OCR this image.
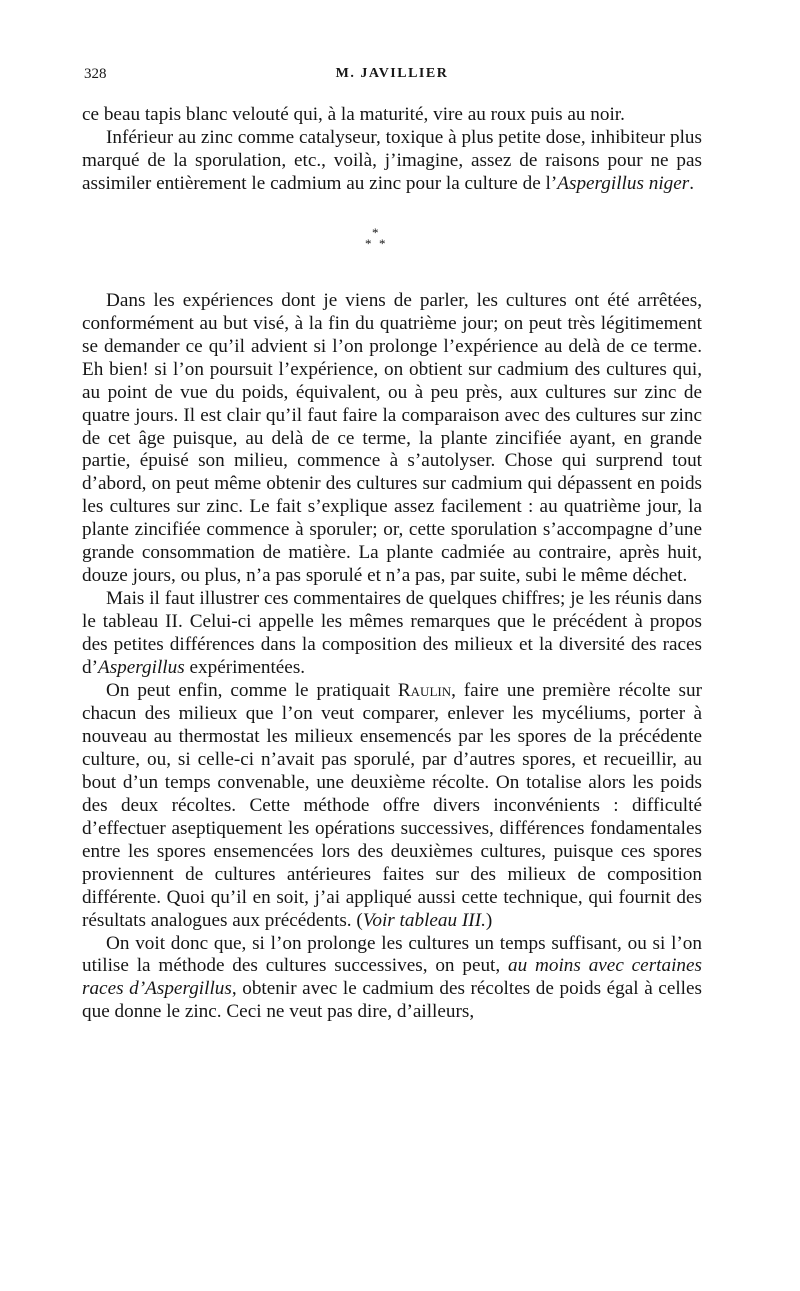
328	M. JAVILLIER

ce beau tapis blanc velouté qui, à la maturité, vire au roux puis au noir.

Inférieur au zinc comme catalyseur, toxique à plus petite dose, inhibiteur plus marqué de la sporulation, etc., voilà, j’imagine, assez de raisons pour ne pas assimiler entièrement le cadmium au zinc pour la culture de l’Aspergillus niger.

*
* *

Dans les expériences dont je viens de parler, les cultures ont été arrêtées, conformément au but visé, à la fin du quatrième jour; on peut très légitimement se demander ce qu’il advient si l’on prolonge l’expérience au delà de ce terme. Eh bien! si l’on poursuit l’expérience, on obtient sur cadmium des cultures qui, au point de vue du poids, équivalent, ou à peu près, aux cultures sur zinc de quatre jours. Il est clair qu’il faut faire la comparaison avec des cultures sur zinc de cet âge puisque, au delà de ce terme, la plante zincifiée ayant, en grande partie, épuisé son milieu, commence à s’autolyser. Chose qui surprend tout d’abord, on peut même obtenir des cultures sur cadmium qui dépassent en poids les cultures sur zinc. Le fait s’explique assez facilement : au quatrième jour, la plante zincifiée commence à sporuler; or, cette sporulation s’accompagne d’une grande consommation de matière. La plante cadmiée au contraire, après huit, douze jours, ou plus, n’a pas sporulé et n’a pas, par suite, subi le même déchet.

Mais il faut illustrer ces commentaires de quelques chiffres; je les réunis dans le tableau II. Celui-ci appelle les mêmes remarques que le précédent à propos des petites différences dans la composition des milieux et la diversité des races d’Aspergillus expérimentées.

On peut enfin, comme le pratiquait Raulin, faire une première récolte sur chacun des milieux que l’on veut comparer, enlever les mycéliums, porter à nouveau au thermostat les milieux ensemencés par les spores de la précédente culture, ou, si celle-ci n’avait pas sporulé, par d’autres spores, et recueillir, au bout d’un temps convenable, une deuxième récolte. On totalise alors les poids des deux récoltes. Cette méthode offre divers inconvénients : difficulté d’effectuer aseptiquement les opérations successives, différences fondamentales entre les spores ensemencées lors des deuxièmes cultures, puisque ces spores proviennent de cultures antérieures faites sur des milieux de composition différente. Quoi qu’il en soit, j’ai appliqué aussi cette technique, qui fournit des résultats analogues aux précédents. (Voir tableau III.)

On voit donc que, si l’on prolonge les cultures un temps suffisant, ou si l’on utilise la méthode des cultures successives, on peut, au moins avec certaines races d’Aspergillus, obtenir avec le cadmium des récoltes de poids égal à celles que donne le zinc. Ceci ne veut pas dire, d’ailleurs,
